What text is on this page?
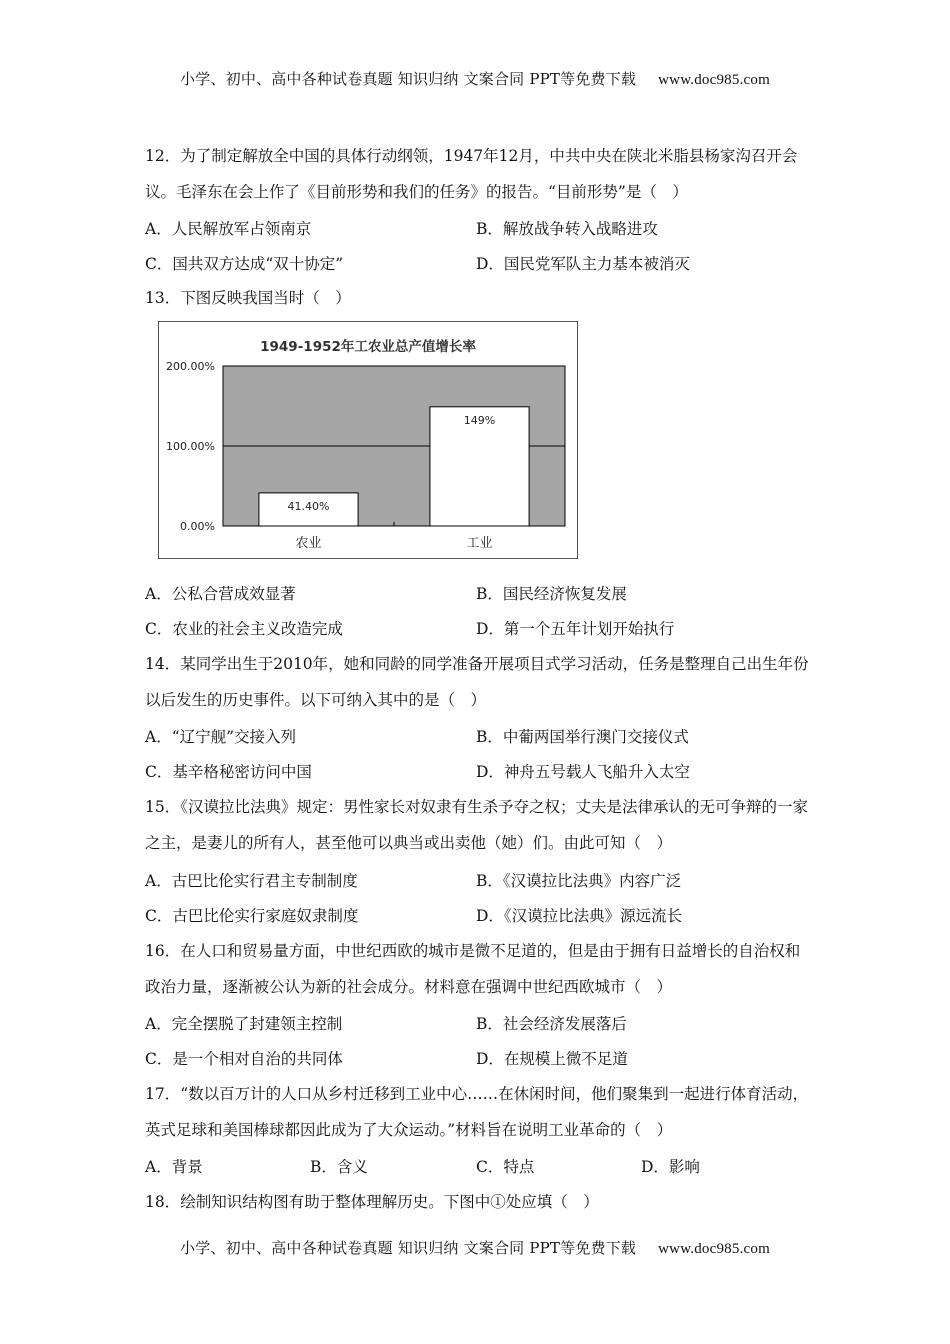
小学、初中、高中各种试卷真题 知识归纳 文案合同 PPT等免费下载 www.doc985.com
12．为了制定解放全中国的具体行动纲领，1947年12月，中共中央在陕北米脂县杨家沟召开会议。毛泽东在会上作了《目前形势和我们的任务》的报告。“目前形势”是（　）
A．人民解放军占领南京	B．解放战争转入战略进攻
C．国共双方达成“双十协定”	D．国民党军队主力基本被消灭
13．下图反映我国当时（　）
1949-1952年工农业总产值增长率
200.00%
100.00%
0.00%
41.40%
149%
农业	工业
A．公私合营成效显著	B．国民经济恢复发展
C．农业的社会主义改造完成	D．第一个五年计划开始执行
14．某同学出生于2010年，她和同龄的同学准备开展项目式学习活动，任务是整理自己出生年份以后发生的历史事件。以下可纳入其中的是（　）
A．“辽宁舰”交接入列	B．中葡两国举行澳门交接仪式
C．基辛格秘密访问中国	D．神舟五号载人飞船升入太空
15．《汉谟拉比法典》规定：男性家长对奴隶有生杀予夺之权；丈夫是法律承认的无可争辩的一家之主，是妻儿的所有人，甚至他可以典当或出卖他（她）们。由此可知（　）
A．古巴比伦实行君主专制制度	B．《汉谟拉比法典》内容广泛
C．古巴比伦实行家庭奴隶制度	D．《汉谟拉比法典》源远流长
16．在人口和贸易量方面，中世纪西欧的城市是微不足道的，但是由于拥有日益增长的自治权和政治力量，逐渐被公认为新的社会成分。材料意在强调中世纪西欧城市（　）
A．完全摆脱了封建领主控制	B．社会经济发展落后
C．是一个相对自治的共同体	D．在规模上微不足道
17．“数以百万计的人口从乡村迁移到工业中心……在休闲时间，他们聚集到一起进行体育活动，英式足球和美国棒球都因此成为了大众运动。”材料旨在说明工业革命的（　）
A．背景	B．含义	C．特点	D．影响
18．绘制知识结构图有助于整体理解历史。下图中①处应填（　）
小学、初中、高中各种试卷真题 知识归纳 文案合同 PPT等免费下载 www.doc985.com
